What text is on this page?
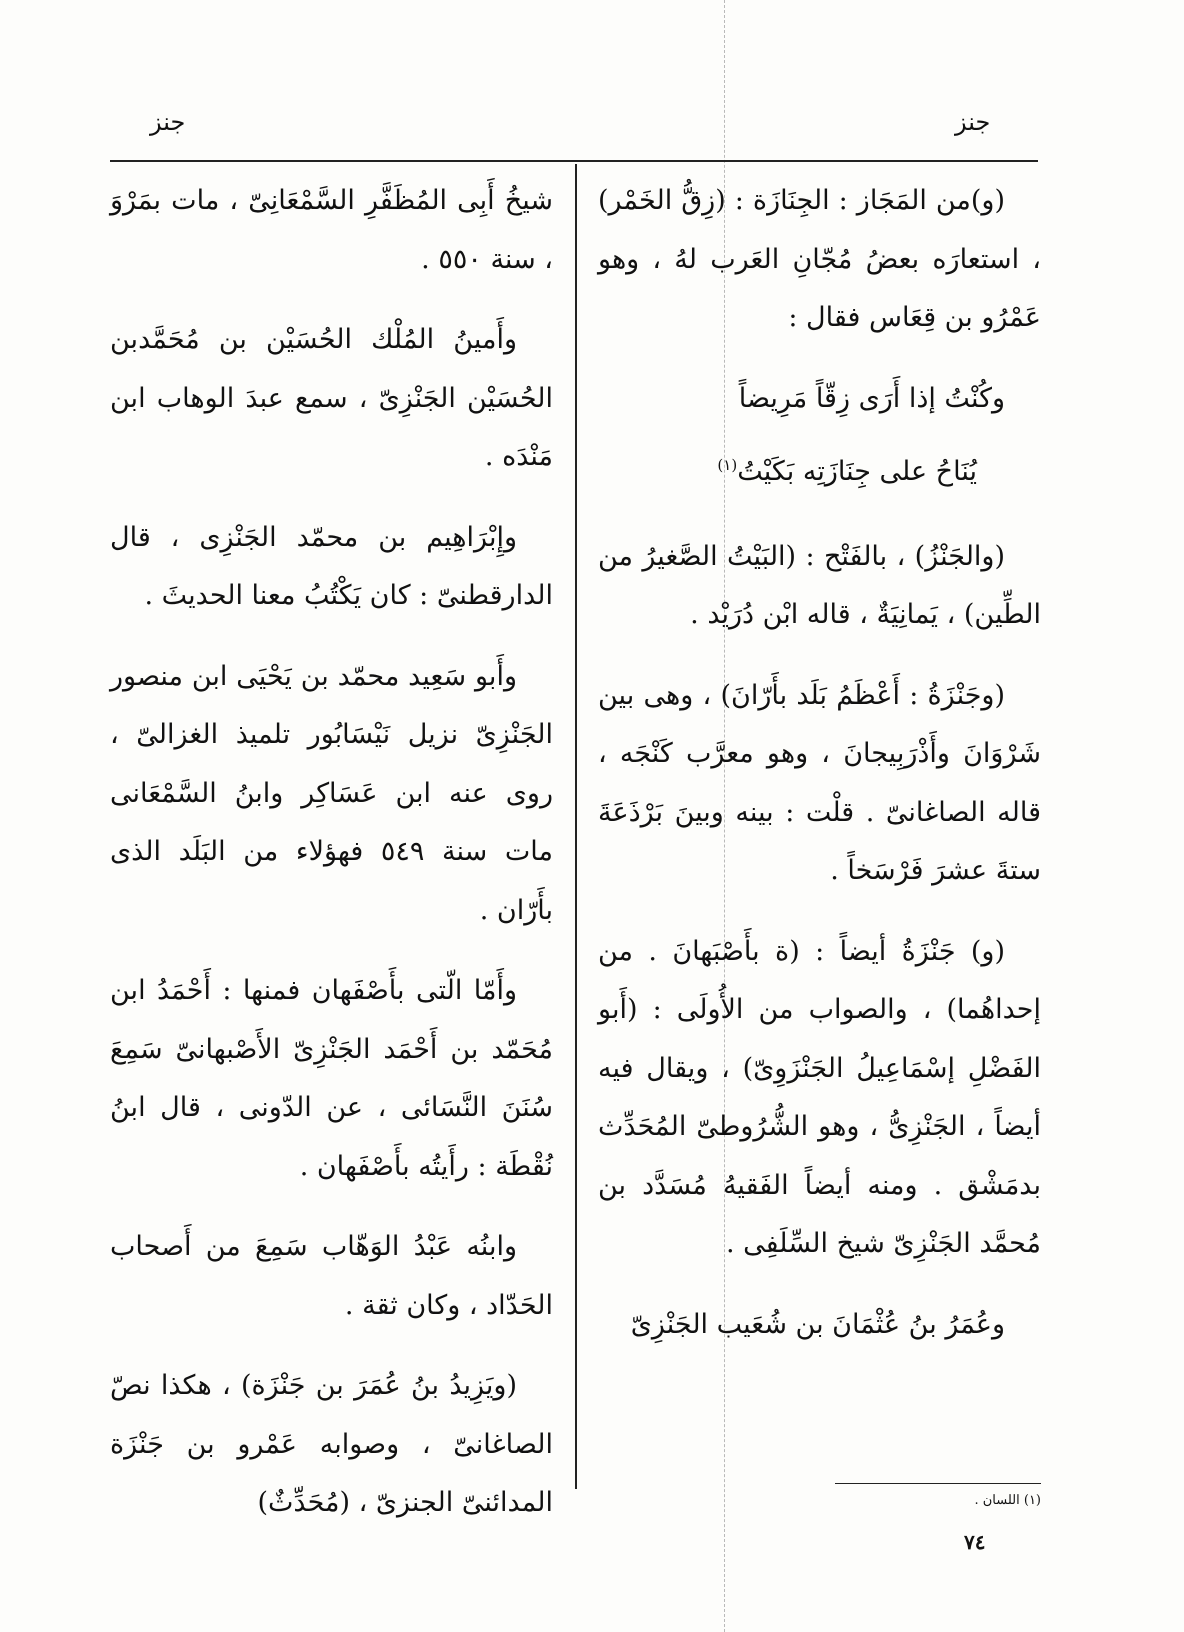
جنز
جنز

(و)من المَجَاز : الجِنَازَة : (زِقُّ الخَمْر) ، استعارَه بعضُ مُجّانِ العَرب لهُ ، وهو عَمْرُو بن قِعَاس فقال :

وكُنْتُ إذا أَرَى زِقّاً مَرِيضاً

يُنَاحُ على جِنَازَتِه بَكَيْتُ$^{(١)}$

(والجَنْزُ) ، بالفَتْح : (البَيْتُ الصَّغيرُ من الطِّين) ، يَمانِيَةٌ ، قاله ابْن دُرَيْد .

(وجَنْزَةُ : أَعْظَمُ بَلَد بأَرّانَ) ، وهى بين شَرْوَانَ وأَذْرَبِيجانَ ، وهو معرَّب كَنْجَه ، قاله الصاغانىّ . قلْت : بينه وبينَ بَرْذَعَةَ ستةَ عشرَ فَرْسَخاً .

(و) جَنْزَةُ أيضاً : (ة بأَصْبَهانَ . من إحداهُما) ، والصواب من الأُولَى : (أَبو الفَضْلِ إسْمَاعِيلُ الجَنْزَوِىّ) ، ويقال فيه أيضاً ، الجَنْزِىُّ ، وهو الشُّرُوطىّ المُحَدِّث بدمَشْق . ومنه أيضاً الفَقيهُ مُسَدَّد بن مُحمَّد الجَنْزِىّ شيخ السِّلَفِى .

وعُمَرُ بنُ عُثْمَانَ بن شُعَيب الجَنْزِىّ

شيخُ أَبِى المُظَفَّرِ السَّمْعَانِىّ ، مات بمَرْوَ ، سنة ٥٥٠ .

وأَمينُ المُلْك الحُسَيْن بن مُحَمَّدبن الحُسَيْن الجَنْزِىّ ، سمع عبدَ الوهاب ابن مَنْدَه .

وإِبْرَاهِيم بن محمّد الجَنْزِى ، قال الدارقطنىّ : كان يَكْتُبُ معنا الحديثَ .

وأَبو سَعِيد محمّد بن يَحْيَى ابن منصور الجَنْزِىّ نزيل نَيْسَابُور تلميذ الغزالىّ ، روى عنه ابن عَسَاكِر وابنُ السَّمْعَانى مات سنة ٥٤٩ فهؤلاء من البَلَد الذى بأَرّان .

وأَمّا الّتى بأَصْفَهان فمنها : أَحْمَدُ ابن مُحَمّد بن أَحْمَد الجَنْزِىّ الأَصْبهانىّ سَمِعَ سُنَنَ النَّسَائى ، عن الدّونى ، قال ابنُ نُقْطَة : رأَيتُه بأَصْفَهان .

وابنُه عَبْدُ الوَهّاب سَمِعَ من أَصحاب الحَدّاد ، وكان ثقة .

(ويَزِيدُ بنُ عُمَرَ بن جَنْزَة) ، هكذا نصّ الصاغانىّ ، وصوابه عَمْرو بن جَنْزَة المدائنىّ الجنزىّ ، (مُحَدِّثٌ)	(١) اللسان .
٧٤
